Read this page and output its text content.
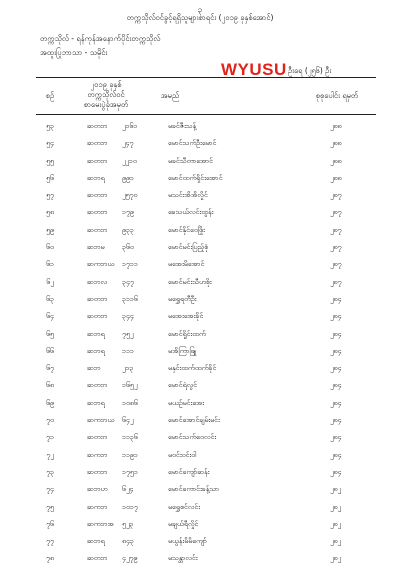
၃
တက္ကသိုလ်ဝင်ခွင့်ရရှိသူများစာရင်း (၂၀၁၉ ခုနှစ်အောင်)
တက္ကသိုလ် - ရန်ကုန်အနောက်ပိုင်းတက္ကသိုလ်
အထူးပြုဘာသာ - သမိုင်း
WYUSU ဦးရေ (၂၅၆) ဦး
စဉ်
၂၀၁၉ ခုနှစ်
တက္ကသိုလ်ဝင်
စာမေးပွဲခုံအမှတ်
အမည်	စုစုပေါင်း ရမှတ်
၅၃	ဆတဘ ၂၁၆၁	မခင်ဇီးသန့်	၂၈၈
၅၄	ဆတဘ ၂၄၇	မောင်သက်ဦးမောင်	၂၈၈
၅၅	ဆတဘ ၂၂၁၀	မခင်သီတာအောင်	၂၈၈
၅၆	ဆဘရ ၉၉၁	မောင်ထက်ရှိင်းအောင်	၂၈၈
၅၇	ဆတဘ ၂၅၇၀	မသင်းအိအိလှိုင်	၂၈၇
၅၈	ဆတဘ ၁၇၉	ခေသယ်လင်းထွန်း	၂၈၇
၅၉	ဆတဘ ၉၃၃	မောင်နိုင်ဝေဖြိုး	၂၈၇
၆၀	ဆဘမ ၃၆၀	မောင်မင်းပြည့်စုံ	၂၈၇
၆၁	ဆကဘယ ၁၇၁၁	မအေးမိအောင်	၂၈၇
၆၂	ဆဘလ ၃၄၇	မောင်မင်းသီဟစိုး	၂၈၇
၆၃	ဆတဘ ၃၁၁၆	မရွှေရတီဦး	၂၈၄
၆၄	ဆတဘ ၃၄၄	မအေးအေးခိုင်	၂၈၄
၆၅	ဆဘရ ၇၅၂	မောင်ရှိုင်းထက်	၂၈၄
၆၆	ဆဘရ ၁၁၁	မအိကြာဖြူ	၂၈၄
၆၇	ဆဘ	၂၁၃	မနှင်းထက်ထက်ခိုင်	၂၈၄
၆၈	ဆတဘ ၁၆၅၂	မောင်ရဲလွင်	၂၈၄
၆၉	ဆဘရ ၁၀၈၆	မယဉ်မင်းအေး	၂၈၄
၇၀	ဆကဘယ ၆၄၂	မောင်အောင်ချမ်းမင်း	၂၈၄
၇၁	ဆတဘ ၁၁၃၆	မောင်သက်ဝေလင်း	၂၈၄
၇၂	ဆကဘ ၁၁၉၁	မဝင်းဝင်းဝါ	၂၈၄
၇၃	ဆတဘ ၁၇၅၁	မောင်ကျော်ဆန်း	၂၈၄
၇၄	ဆဘဟ ၆၂၄	မောင်ကောင်းခန့်သာ	၂၈၂
၇၅	ဆကဘ ၁၀၁၇	မရွှေစင်လင်း	၂၈၂
၇၆	ဆကဘအ ၅၂၃	မချယ်ရီလှိုင်	၂၈၂
၇၇	ဆဘရ ၈၄၃	မယွန်းမိမိကျော်	၂၈၂
၇၈	ဆတဘ ၄၂၇၉	မသန္တာလင်း	၂၈၂
